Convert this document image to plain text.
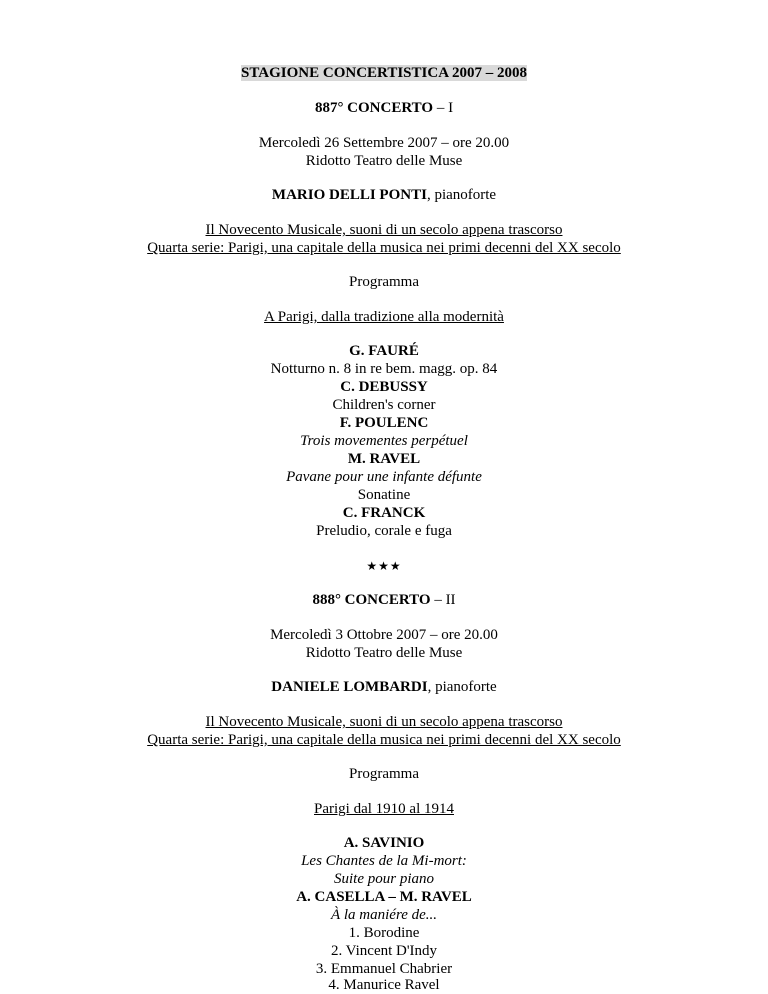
STAGIONE CONCERTISTICA 2007 – 2008
887° CONCERTO – I
Mercoledì 26 Settembre 2007 – ore 20.00
Ridotto Teatro delle Muse
MARIO DELLI PONTI, pianoforte
Il Novecento Musicale, suoni di un secolo appena trascorso
Quarta serie: Parigi, una capitale della musica nei primi decenni del XX secolo
Programma
A Parigi, dalla tradizione alla modernità
G. FAURÉ
Notturno n. 8 in re bem. magg. op. 84
C. DEBUSSY
Children's corner
F. POULENC
Trois movementes perpétuel
M. RAVEL
Pavane pour une infante défunte
Sonatine
C. FRANCK
Preludio, corale e fuga
★★★
888° CONCERTO – II
Mercoledì 3 Ottobre 2007 – ore 20.00
Ridotto Teatro delle Muse
DANIELE LOMBARDI, pianoforte
Il Novecento Musicale, suoni di un secolo appena trascorso
Quarta serie: Parigi, una capitale della musica nei primi decenni del XX secolo
Programma
Parigi dal 1910 al 1914
A. SAVINIO
Les Chantes de la Mi-mort:
Suite pour piano
A. CASELLA – M. RAVEL
À la maniére de...
1. Borodine
2. Vincent D'Indy
3. Emmanuel Chabrier
4. Manurice Ravel
